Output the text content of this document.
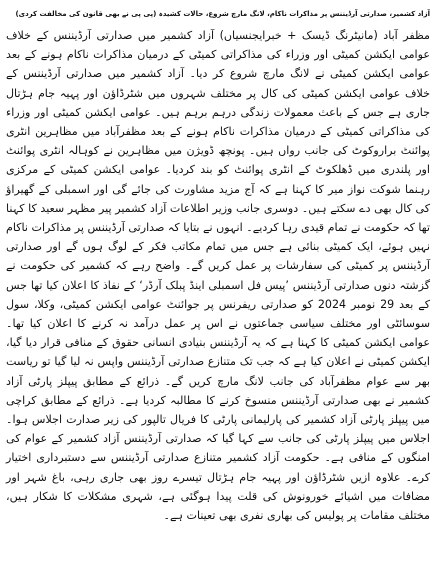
آزاد کشمیر، صدارتی آرڈیننس پر مذاکرات ناکام، لانگ مارچ شروع، حالات کشیدہ (پی پی نے بھی قانون کی مخالفت کردی)

مظفر آباد (مانیٹرنگ ڈیسک + خبرایجنسیاں) آزاد کشمیر میں صدارتی آرڈیننس کے خلاف عوامی ایکشن کمیٹی اور وزراء کی مذاکراتی کمیٹی کے درمیان مذاکرات ناکام ہونے کے بعد عوامی ایکشن کمیٹی نے لانگ مارچ شروع کر دیا۔ آزاد کشمیر میں صدارتی آرڈیننس کے خلاف عوامی ایکشن کمیٹی کی کال پر مختلف شہروں میں شٹرڈاؤن اور پہیہ جام ہڑتال جاری ہے جس کے باعث معمولات زندگی درہم برہم ہیں۔ عوامی ایکشن کمیٹی اور وزراء کی مذاکراتی کمیٹی کے درمیان مذاکرات ناکام ہونے کے بعد مظفرآباد میں مظاہرین انٹری پوائنٹ براروکوٹ کی جانب رواں ہیں۔ پونچھ ڈویژن میں مظاہرین نے کوہالہ انٹری پوائنٹ اور پلندری میں ڈھلکوٹ کے انٹری پوائنٹ کو بند کردیا۔ عوامی ایکشن کمیٹی کے مرکزی رہنما شوکت نواز میر کا کہنا ہے کہ آج مزید مشاورت کی جائے گی اور اسمبلی کے گھیراؤ کی کال بھی دے سکتے ہیں۔ دوسری جانب وزیر اطلاعات آزاد کشمیر پیر مظہر سعید کا کہنا تھا کہ حکومت نے تمام قیدی رہا کردیے۔ انہوں نے بتایا کہ صدارتی آرڈیننس پر مذاکرات ناکام نہیں ہوئے، ایک کمیٹی بنائی ہے جس میں تمام مکاتب فکر کے لوگ ہوں گے اور صدارتی آرڈیننس پر کمیٹی کی سفارشات پر عمل کریں گے۔ واضح رہے کہ کشمیر کی حکومت نے گزشتہ دنوں صدارتی آرڈیننس ’پیس فل اسمبلی اینڈ پبلک آرڈر‘ کے نفاذ کا اعلان کیا تھا جس کے بعد 29 نومبر 2024 کو صدارتی ریفرنس پر جوائنٹ عوامی ایکشن کمیٹی، وکلا، سول سوسائٹی اور مختلف سیاسی جماعتوں نے اس پر عمل درآمد نہ کرنے کا اعلان کیا تھا۔ عوامی ایکشن کمیٹی کا کہنا ہے کہ یہ آرڈیننس بنیادی انسانی حقوق کے منافی قرار دیا گیا، ایکشن کمیٹی نے اعلان کیا ہے کہ جب تک متنازع صدارتی آرڈیننس واپس نہ لیا گیا تو ریاست بھر سے عوام مظفرآباد کی جانب لانگ مارچ کریں گے۔ ذرائع کے مطابق پیپلز پارٹی آزاد کشمیر نے بھی صدارتی آرڈیننس منسوخ کرنے کا مطالبہ کردیا ہے۔ ذرائع کے مطابق کراچی میں پیپلز پارٹی آزاد کشمیر کی پارلیمانی پارٹی کا فریال تالپور کی زیر صدارت اجلاس ہوا۔ اجلاس میں پیپلز پارٹی کی جانب سے کہا گیا کہ صدارتی آرڈیننس آزاد کشمیر کے عوام کی امنگوں کے منافی ہے۔ حکومت آزاد کشمیر متنازع صدارتی آرڈیننس سے دستبرداری اختیار کرے۔ علاوہ ازیں شٹرڈاؤن اور پہیہ جام ہڑتال تیسرے روز بھی جاری رہی، باغ شہر اور مضافات میں اشیائے خورونوش کی قلت پیدا ہوگئی ہے، شہری مشکلات کا شکار ہیں، مختلف مقامات پر پولیس کی بھاری نفری بھی تعینات ہے۔
